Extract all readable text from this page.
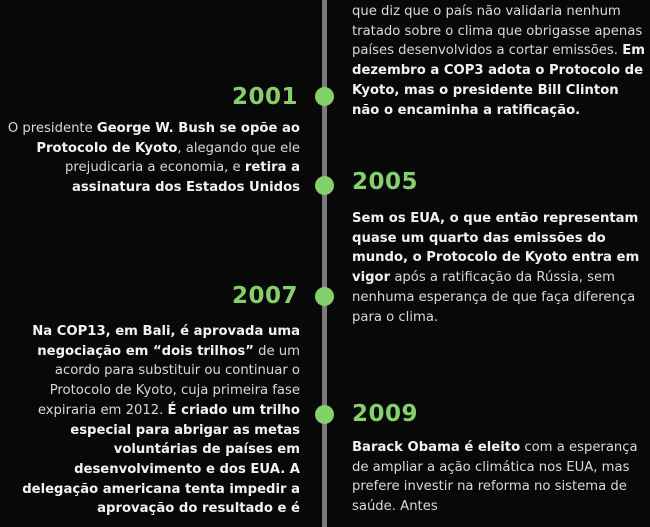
que diz que o país não validaria nenhum tratado sobre o clima que obrigasse apenas países desenvolvidos a cortar emissões. Em dezembro a COP3 adota o Protocolo de Kyoto, mas o presidente Bill Clinton não o encaminha a ratificação.
2001
O presidente George W. Bush se opõe ao Protocolo de Kyoto, alegando que ele prejudicaria a economia, e retira a assinatura dos Estados Unidos 2005
Sem os EUA, o que então representam quase um quarto das emissões do mundo, o Protocolo de Kyoto entra em vigor após a ratificação da Rússia, sem nenhuma esperança de que faça diferença para o clima.
2007
Na COP13, em Bali, é aprovada uma negociação em “dois trilhos” de um acordo para substituir ou continuar o Protocolo de Kyoto, cuja primeira fase expiraria em 2012. É criado um trilho especial para abrigar as metas voluntárias de países em desenvolvimento e dos EUA. A delegação americana tenta impedir a aprovação do resultado e é
2009
Barack Obama é eleito com a esperança de ampliar a ação climática nos EUA, mas prefere investir na reforma no sistema de saúde. Antes
